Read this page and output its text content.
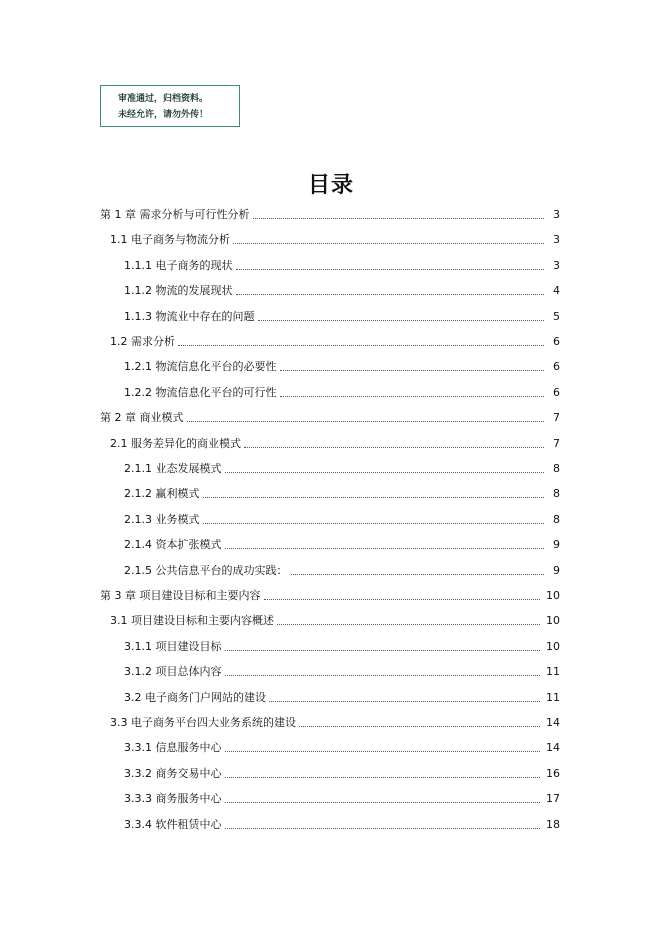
审准通过，归档资料。
未经允许，请勿外传！
目录
第 1 章 需求分析与可行性分析	3
1.1 电子商务与物流分析	3
1.1.1 电子商务的现状	3
1.1.2 物流的发展现状	4
1.1.3 物流业中存在的问题	5
1.2 需求分析	6
1.2.1 物流信息化平台的必要性	6
1.2.2 物流信息化平台的可行性	6
第 2 章 商业模式	7
2.1 服务差异化的商业模式	7
2.1.1 业态发展模式	8
2.1.2 赢利模式	8
2.1.3 业务模式	8
2.1.4 资本扩张模式	9
2.1.5 公共信息平台的成功实践：	9
第 3 章 项目建设目标和主要内容	10
3.1 项目建设目标和主要内容概述	10
3.1.1 项目建设目标	10
3.1.2 项目总体内容	11
3.2 电子商务门户网站的建设	11
3.3 电子商务平台四大业务系统的建设	14
3.3.1 信息服务中心	14
3.3.2 商务交易中心	16
3.3.3 商务服务中心	17
3.3.4 软件租赁中心	18
